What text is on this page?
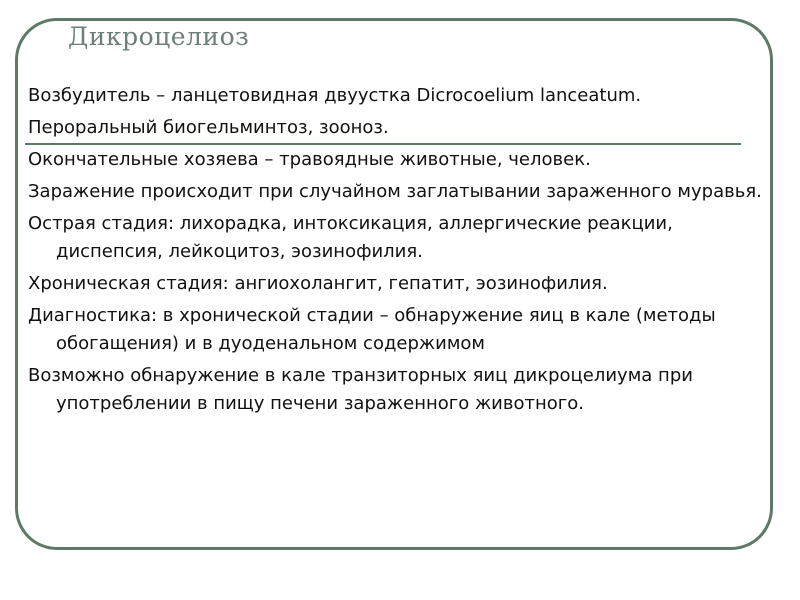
Дикроцелиоз

Возбудитель – ланцетовидная двуустка Dicrocoelium lanceatum.

Пероральный биогельминтоз, зооноз.

Окончательные хозяева – травоядные животные, человек.

Заражение происходит при случайном заглатывании зараженного муравья.

Острая стадия: лихорадка, интоксикация, аллергические реакции, диспепсия, лейкоцитоз, эозинофилия.

Хроническая стадия: ангиохолангит, гепатит, эозинофилия.

Диагностика: в хронической стадии – обнаружение яиц в кале (методы обогащения) и в дуоденальном содержимом

Возможно обнаружение в кале транзиторных яиц дикроцелиума при употреблении в пищу печени зараженного животного.
